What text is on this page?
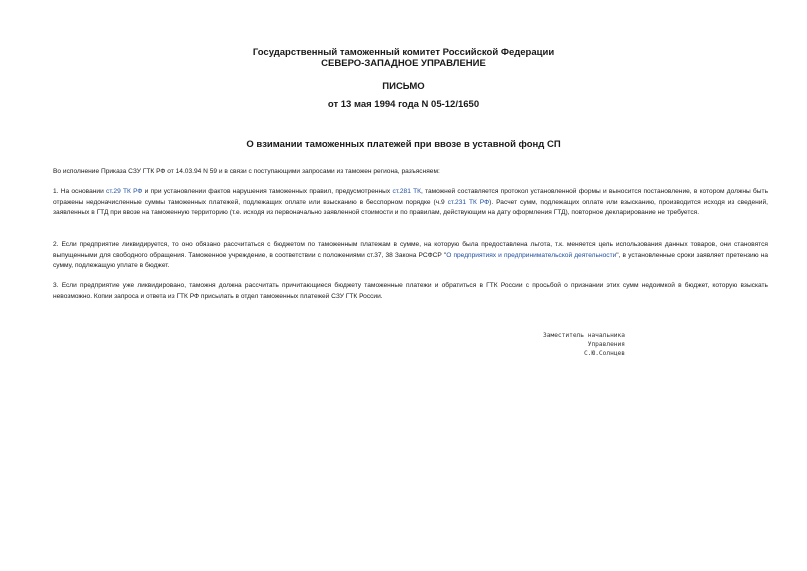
Государственный таможенный комитет Российской Федерации
СЕВЕРО-ЗАПАДНОЕ УПРАВЛЕНИЕ
ПИСЬМО
от 13 мая 1994 года N 05-12/1650
О взимании таможенных платежей при ввозе в уставной фонд СП
Во исполнение Приказа СЗУ ГТК РФ от 14.03.94 N 59 и в связи с поступающими запросами из таможен региона, разъясняем:
1. На основании ст.29 ТК РФ и при установлении фактов нарушения таможенных правил, предусмотренных ст.281 ТК, таможней составляется протокол установленной формы и выносится постановление, в котором должны быть отражены недоначисленные суммы таможенных платежей, подлежащих оплате или взысканию в бесспорном порядке (ч.9 ст.231 ТК РФ). Расчет сумм, подлежащих оплате или взысканию, производится исходя из сведений, заявленных в ГТД при ввозе на таможенную территорию (т.е. исходя из первоначально заявленной стоимости и по правилам, действующим на дату оформления ГТД), повторное декларирование не требуется.
2. Если предприятие ликвидируется, то оно обязано рассчитаться с бюджетом по таможенным платежам в сумме, на которую была предоставлена льгота, т.к. меняется цель использования данных товаров, они становятся выпущенными для свободного обращения. Таможенное учреждение, в соответствии с положениями ст.37, 38 Закона РСФСР "О предприятиях и предпринимательской деятельности", в установленные сроки заявляет претензию на сумму, подлежащую уплате в бюджет.
3. Если предприятие уже ликвидировано, таможня должна рассчитать причитающиеся бюджету таможенные платежи и обратиться в ГТК России с просьбой о признании этих сумм недоимкой в бюджет, которую взыскать невозможно. Копии запроса и ответа из ГТК РФ присылать в отдел таможенных платежей СЗУ ГТК России.
Заместитель начальника
Управления
С.Ю.Солнцев
